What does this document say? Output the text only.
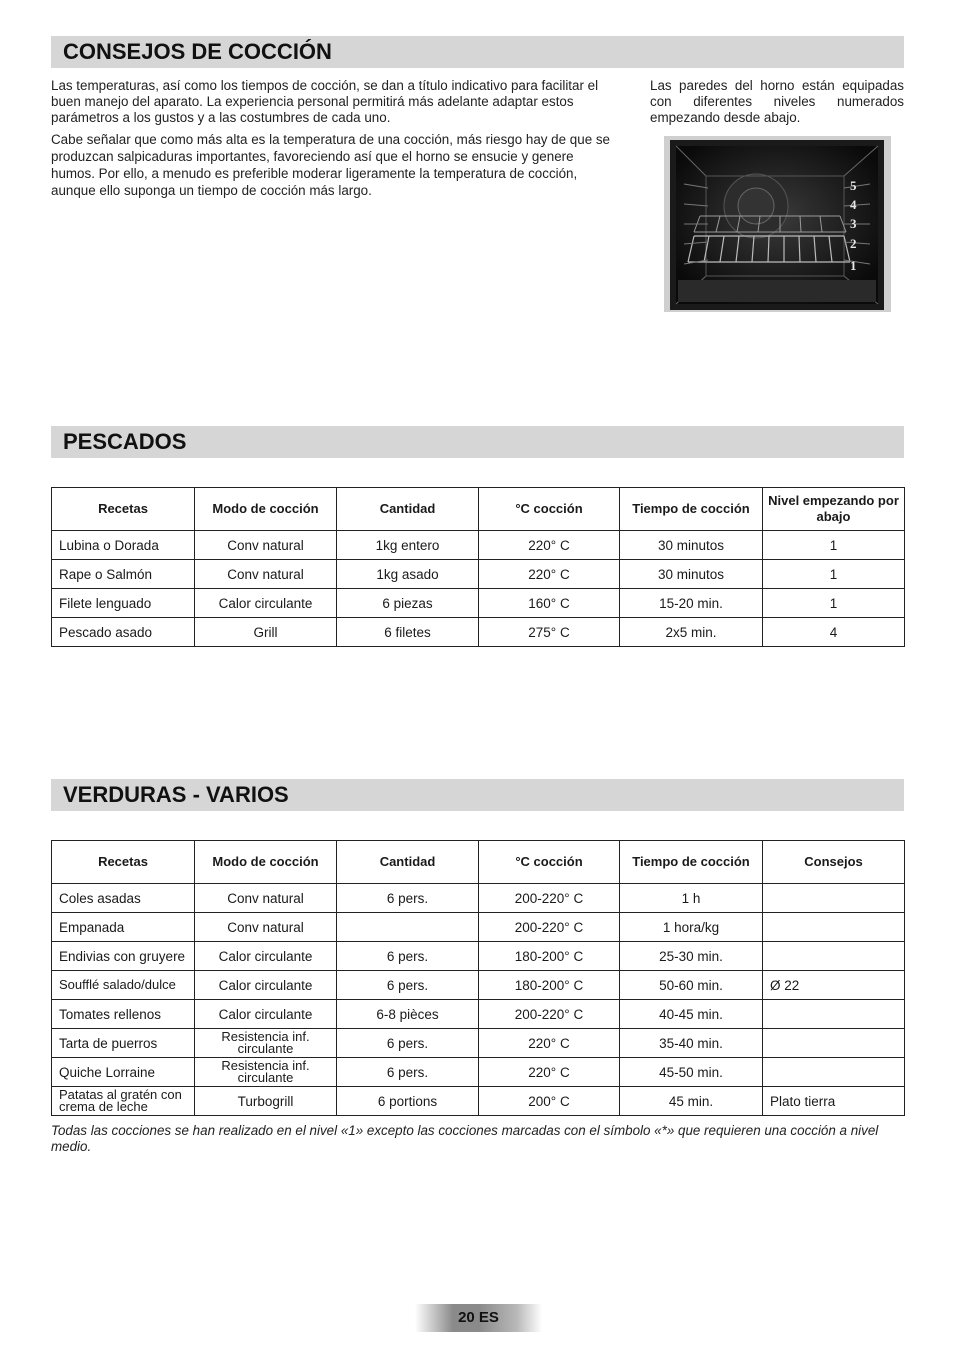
CONSEJOS DE COCCIÓN

Las temperaturas, así como los tiempos de cocción, se dan a título indicativo para facilitar el buen manejo del aparato. La experiencia personal permitirá más adelante adaptar estos parámetros a los gustos y a las costumbres de cada uno.

Cabe señalar que como más alta es la temperatura de una cocción, más riesgo hay de que se produzcan salpicaduras importantes, favoreciendo así que el horno se ensucie y genere humos. Por ello, a menudo es preferible moderar ligeramente la temperatura de cocción, aunque ello suponga un tiempo de cocción más largo.

Las paredes del horno están equipadas con diferentes niveles numerados empezando desde abajo.

5
4
3
2
1
PESCADOS
Recetas	Modo de cocción	Cantidad	°C cocción	Tiempo de cocción	Nivel empezando por abajo
Lubina o Dorada	Conv natural	1kg entero	220° C	30 minutos	1
Rape o Salmón	Conv natural	1kg asado	220° C	30 minutos	1
Filete lenguado	Calor circulante	6 piezas	160° C	15-20 min.	1
Pescado asado	Grill	6 filetes	275° C	2x5 min.	4
VERDURAS - VARIOS
Recetas	Modo de cocción	Cantidad	°C cocción	Tiempo de cocción	Consejos
Coles asadas	Conv natural	6 pers.	200-220° C	1 h	
Empanada	Conv natural		200-220° C	1 hora/kg	
Endivias con gruyere	Calor circulante	6 pers.	180-200° C	25-30 min.	
Soufflé salado/dulce	Calor circulante	6 pers.	180-200° C	50-60 min.	Ø 22
Tomates rellenos	Calor circulante	6-8 pièces	200-220° C	40-45 min.	
Tarta de puerros	Resistencia inf. circulante	6 pers.	220° C	35-40 min.	
Quiche Lorraine	Resistencia inf. circulante	6 pers.	220° C	45-50 min.	
Patatas al gratén con crema de leche	Turbogrill	6 portions	200° C	45 min.	Plato tierra

Todas las cocciones se han realizado en el nivel «1» excepto las cocciones marcadas con el símbolo «*» que requieren una cocción a nivel medio.

20 ES
